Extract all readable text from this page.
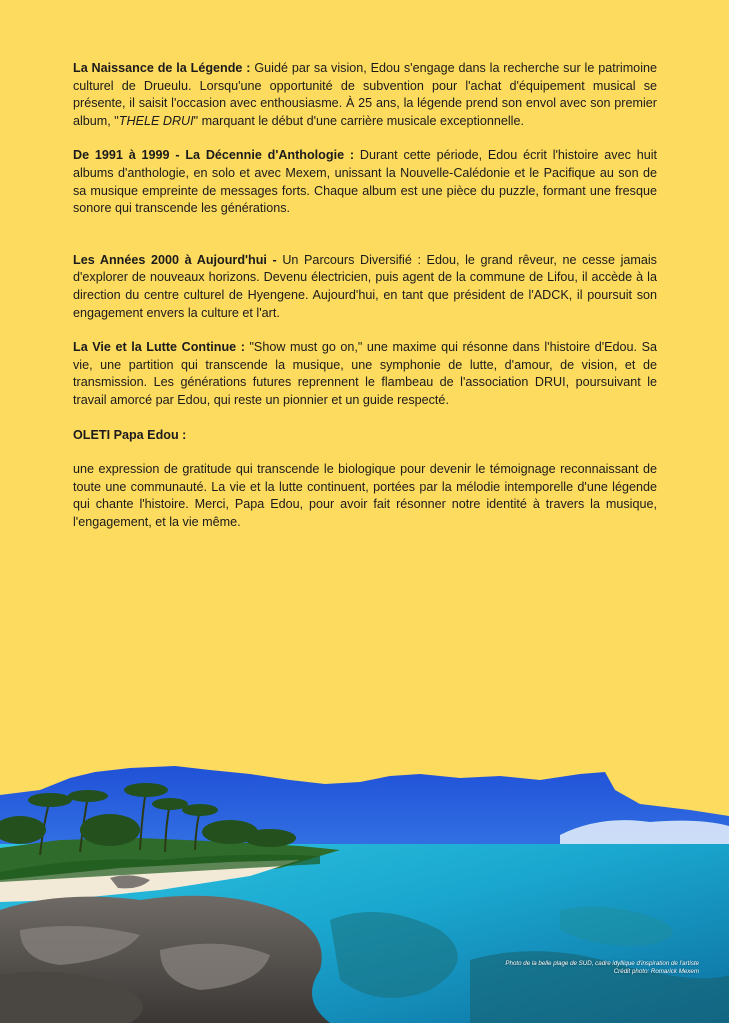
La Naissance de la Légende : Guidé par sa vision, Edou s'engage dans la recherche sur le patrimoine culturel de Drueulu. Lorsqu'une opportunité de subvention pour l'achat d'équipement musical se présente, il saisit l'occasion avec enthousiasme. À 25 ans, la légende prend son envol avec son premier album, "THELE DRUI" marquant le début d'une carrière musicale exceptionnelle.

De 1991 à 1999 - La Décennie d'Anthologie : Durant cette période, Edou écrit l'histoire avec huit albums d'anthologie, en solo et avec Mexem, unissant la Nouvelle-Calédonie et le Pacifique au son de sa musique empreinte de messages forts. Chaque album est une pièce du puzzle, formant une fresque sonore qui transcende les générations.

Les Années 2000 à Aujourd'hui - Un Parcours Diversifié : Edou, le grand rêveur, ne cesse jamais d'explorer de nouveaux horizons. Devenu électricien, puis agent de la commune de Lifou, il accède à la direction du centre culturel de Hyengene. Aujourd'hui, en tant que président de l'ADCK, il poursuit son engagement envers la culture et l'art.

La Vie et la Lutte Continue : "Show must go on," une maxime qui résonne dans l'histoire d'Edou. Sa vie, une partition qui transcende la musique, une symphonie de lutte, d'amour, de vision, et de transmission. Les générations futures reprennent le flambeau de l'association DRUI, poursuivant le travail amorcé par Edou, qui reste un pionnier et un guide respecté.

OLETI Papa Edou :

une expression de gratitude qui transcende le biologique pour devenir le témoignage reconnaissant de toute une communauté. La vie et la lutte continuent, portées par la mélodie intemporelle d'une légende qui chante l'histoire. Merci, Papa Edou, pour avoir fait résonner notre identité à travers la musique, l'engagement, et la vie même.

Photo de la belle plage de SUD, cadre idyllique d'inspiration de l'artiste
Crédit photo: Romarick Mexem
